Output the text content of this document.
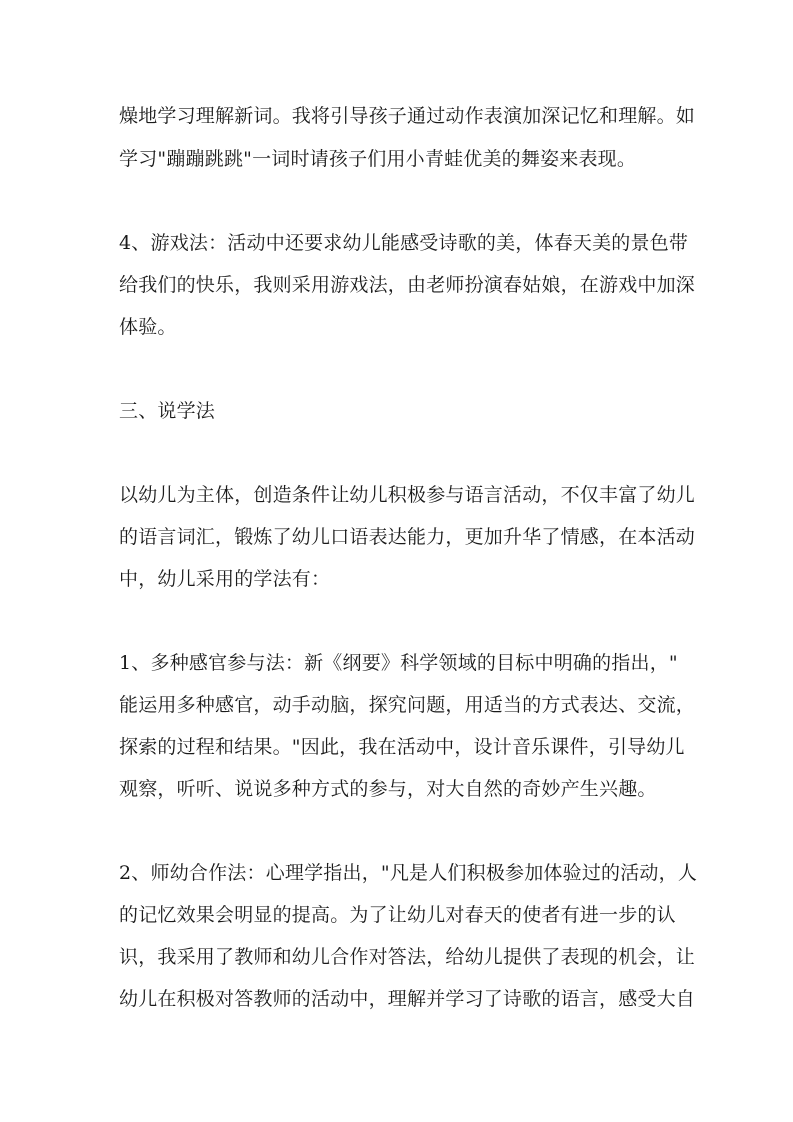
燥地学习理解新词。我将引导孩子通过动作表演加深记忆和理解。如
学习"蹦蹦跳跳"一词时请孩子们用小青蛙优美的舞姿来表现。
4、游戏法：活动中还要求幼儿能感受诗歌的美，体春天美的景色带
给我们的快乐，我则采用游戏法，由老师扮演春姑娘，在游戏中加深
体验。
三、说学法
以幼儿为主体，创造条件让幼儿积极参与语言活动，不仅丰富了幼儿
的语言词汇，锻炼了幼儿口语表达能力，更加升华了情感，在本活动
中，幼儿采用的学法有：
1、多种感官参与法：新《纲要》科学领域的目标中明确的指出，"
能运用多种感官，动手动脑，探究问题，用适当的方式表达、交流，
探索的过程和结果。"因此，我在活动中，设计音乐课件，引导幼儿
观察，听听、说说多种方式的参与，对大自然的奇妙产生兴趣。
2、师幼合作法：心理学指出，"凡是人们积极参加体验过的活动，人
的记忆效果会明显的提高。为了让幼儿对春天的使者有进一步的认
识，我采用了教师和幼儿合作对答法，给幼儿提供了表现的机会，让
幼儿在积极对答教师的活动中，理解并学习了诗歌的语言，感受大自
